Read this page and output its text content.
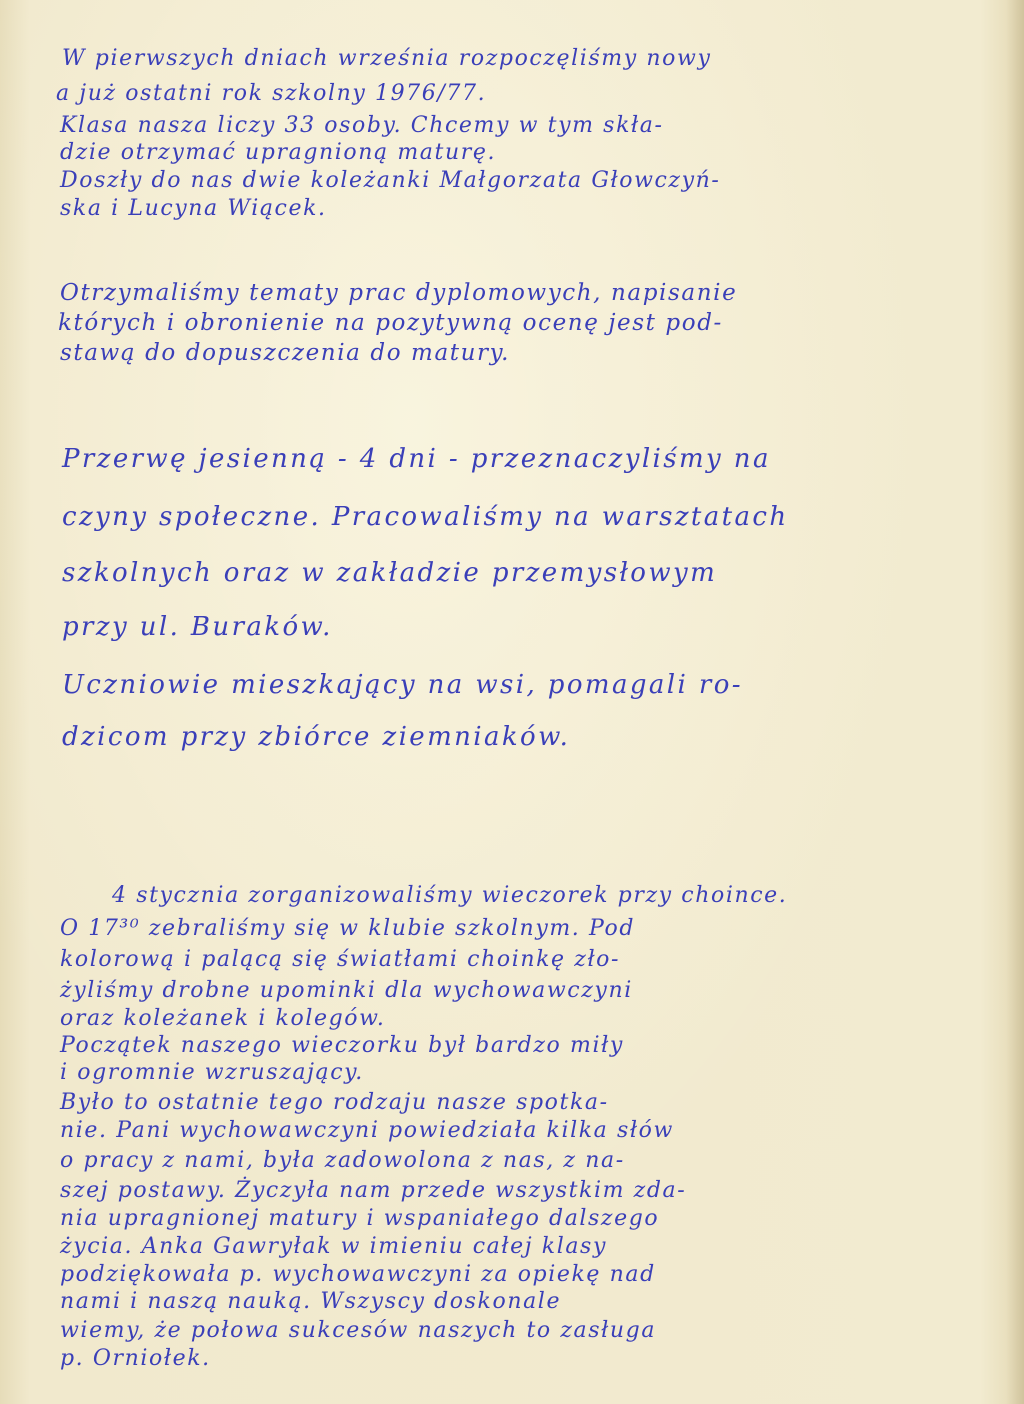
W pierwszych dniach września rozpoczęliśmy nowy

a już ostatni rok szkolny 1976/77.

Klasa nasza liczy 33 osoby. Chcemy w tym skła-

dzie otrzymać upragnioną maturę.

Doszły do nas dwie koleżanki Małgorzata Głowczyń-

ska i Lucyna Wiącek.

Otrzymaliśmy tematy prac dyplomowych, napisanie

których i obronienie na pozytywną ocenę jest pod-

stawą do dopuszczenia do matury.

Przerwę jesienną - 4 dni - przeznaczyliśmy na

czyny społeczne. Pracowaliśmy na warsztatach

szkolnych oraz w zakładzie przemysłowym

przy ul. Buraków.

Uczniowie mieszkający na wsi, pomagali ro-

dzicom przy zbiórce ziemniaków.

4 stycznia zorganizowaliśmy wieczorek przy choince.

O 17³⁰ zebraliśmy się w klubie szkolnym. Pod

kolorową i palącą się światłami choinkę zło-

żyliśmy drobne upominki dla wychowawczyni

oraz koleżanek i kolegów.

Początek naszego wieczorku był bardzo miły

i ogromnie wzruszający.

Było to ostatnie tego rodzaju nasze spotka-

nie. Pani wychowawczyni powiedziała kilka słów

o pracy z nami, była zadowolona z nas, z na-

szej postawy. Życzyła nam przede wszystkim zda-

nia upragnionej matury i wspaniałego dalszego

życia. Anka Gawryłak w imieniu całej klasy

podziękowała p. wychowawczyni za opiekę nad

nami i naszą nauką. Wszyscy doskonale

wiemy, że połowa sukcesów naszych to zasługa

p. Orniołek.
